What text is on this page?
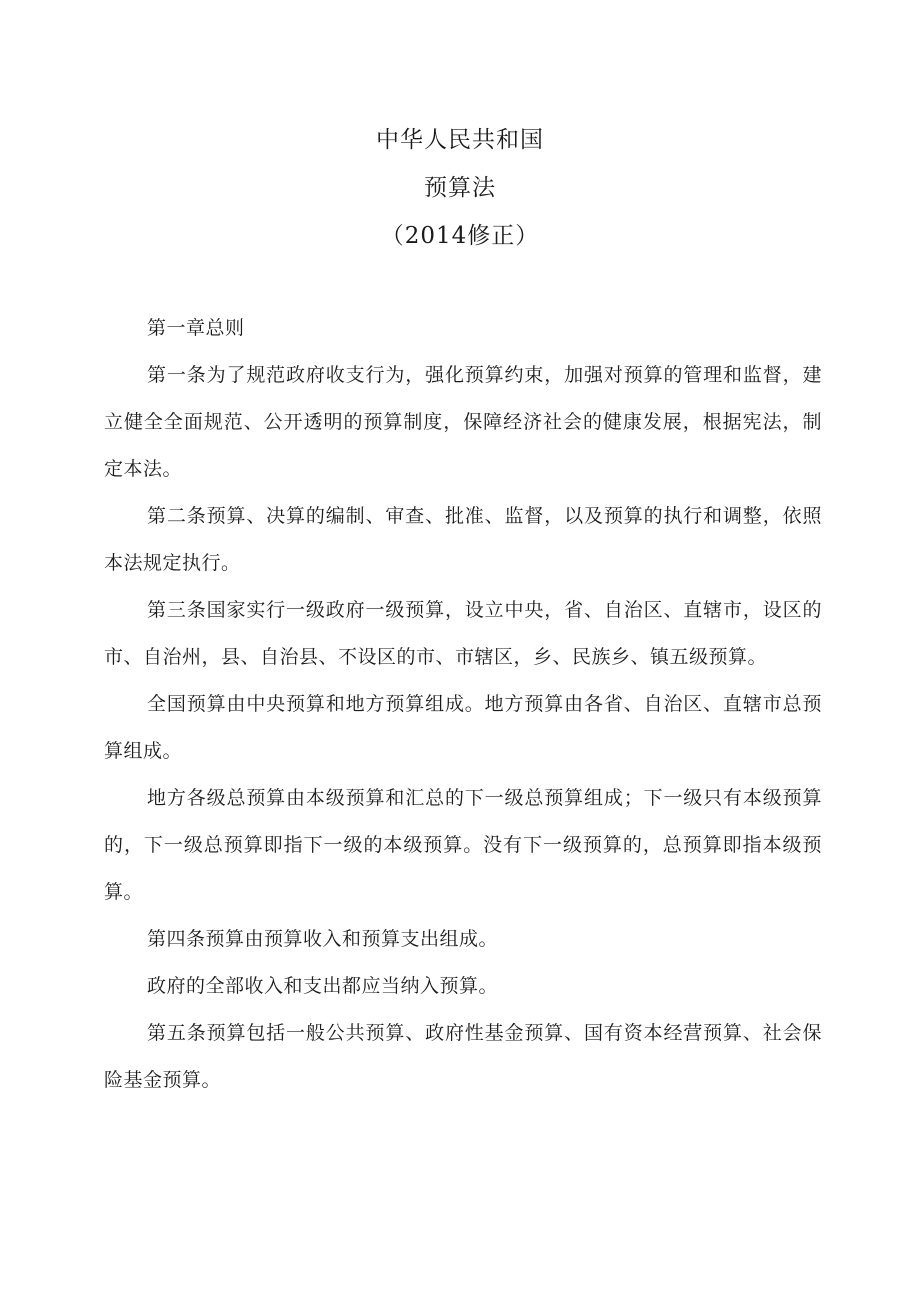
中华人民共和国
预算法
（2014修正）

第一章总则

第一条为了规范政府收支行为，强化预算约束，加强对预算的管理和监督，建立健全全面规范、公开透明的预算制度，保障经济社会的健康发展，根据宪法，制定本法。

第二条预算、决算的编制、审查、批准、监督，以及预算的执行和调整，依照本法规定执行。

第三条国家实行一级政府一级预算，设立中央，省、自治区、直辖市，设区的市、自治州，县、自治县、不设区的市、市辖区，乡、民族乡、镇五级预算。

全国预算由中央预算和地方预算组成。地方预算由各省、自治区、直辖市总预算组成。

地方各级总预算由本级预算和汇总的下一级总预算组成；下一级只有本级预算的，下一级总预算即指下一级的本级预算。没有下一级预算的，总预算即指本级预算。

第四条预算由预算收入和预算支出组成。

政府的全部收入和支出都应当纳入预算。

第五条预算包括一般公共预算、政府性基金预算、国有资本经营预算、社会保险基金预算。
